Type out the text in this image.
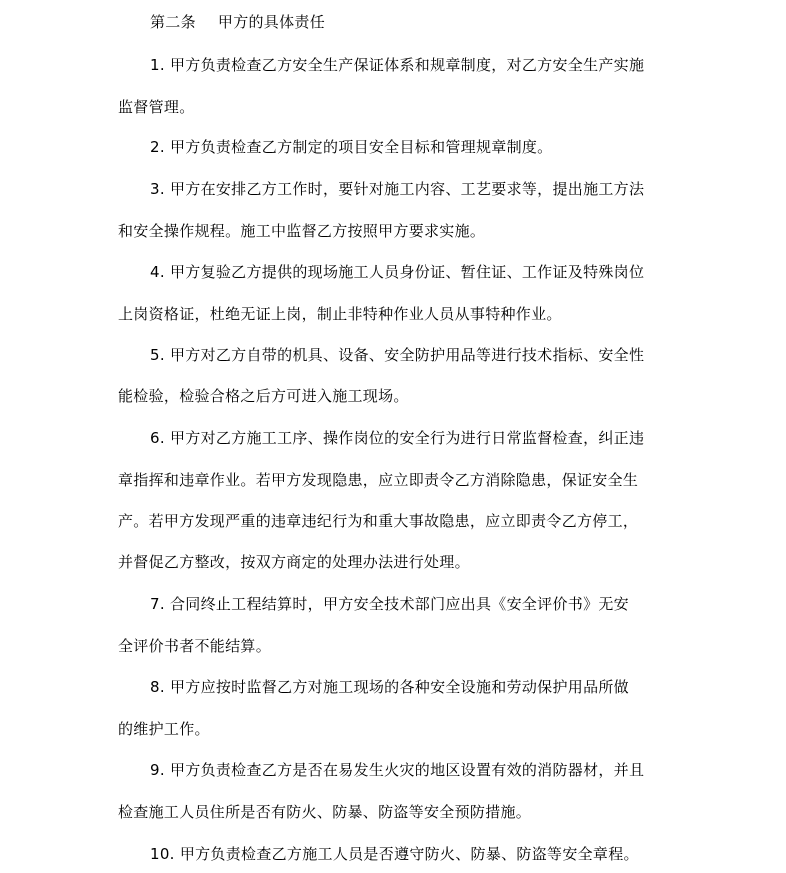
第二条 甲方的具体责任
1. 甲方负责检查乙方安全生产保证体系和规章制度，对乙方安全生产实施
监督管理。
2. 甲方负责检查乙方制定的项目安全目标和管理规章制度。
3. 甲方在安排乙方工作时，要针对施工内容、工艺要求等，提出施工方法
和安全操作规程。施工中监督乙方按照甲方要求实施。
4. 甲方复验乙方提供的现场施工人员身份证、暂住证、工作证及特殊岗位
上岗资格证，杜绝无证上岗，制止非特种作业人员从事特种作业。
5. 甲方对乙方自带的机具、设备、安全防护用品等进行技术指标、安全性
能检验，检验合格之后方可进入施工现场。
6. 甲方对乙方施工工序、操作岗位的安全行为进行日常监督检查，纠正违
章指挥和违章作业。若甲方发现隐患，应立即责令乙方消除隐患，保证安全生
产。若甲方发现严重的违章违纪行为和重大事故隐患，应立即责令乙方停工，
并督促乙方整改，按双方商定的处理办法进行处理。
7. 合同终止工程结算时，甲方安全技术部门应出具《安全评价书》无安
全评价书者不能结算。
8. 甲方应按时监督乙方对施工现场的各种安全设施和劳动保护用品所做
的维护工作。
9. 甲方负责检查乙方是否在易发生火灾的地区设置有效的消防器材，并且
检查施工人员住所是否有防火、防暴、防盗等安全预防措施。
10. 甲方负责检查乙方施工人员是否遵守防火、防暴、防盗等安全章程。
